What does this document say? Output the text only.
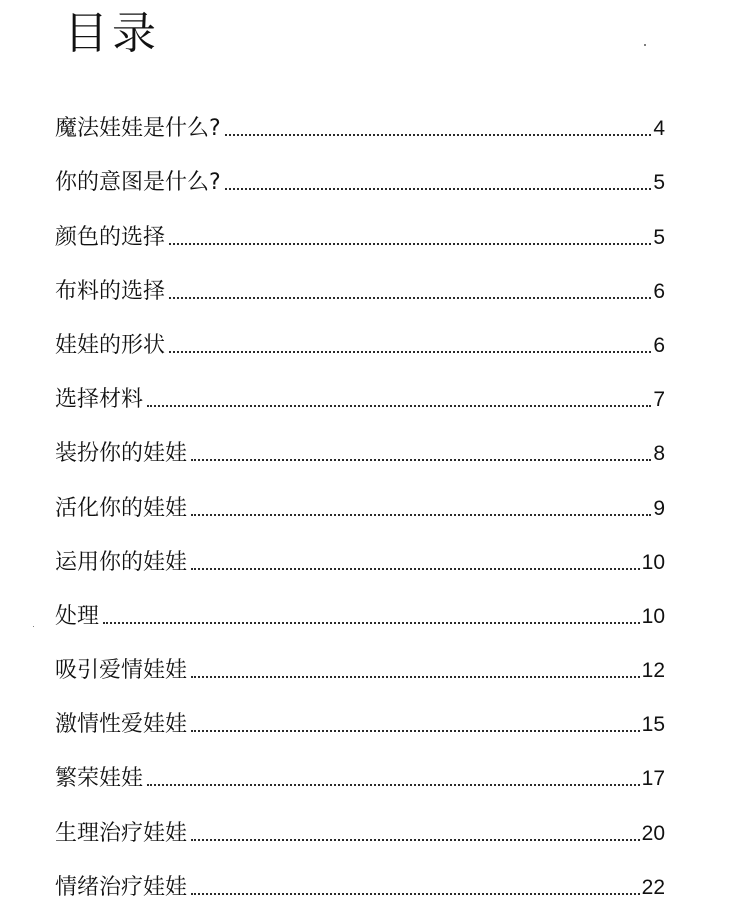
目录
魔法娃娃是什么?	4
你的意图是什么?	5
颜色的选择	5
布料的选择	6
娃娃的形状	6
选择材料	7
装扮你的娃娃	8
活化你的娃娃	9
运用你的娃娃	10
处理	10
吸引爱情娃娃	12
激情性爱娃娃	15
繁荣娃娃	17
生理治疗娃娃	20
情绪治疗娃娃	22
